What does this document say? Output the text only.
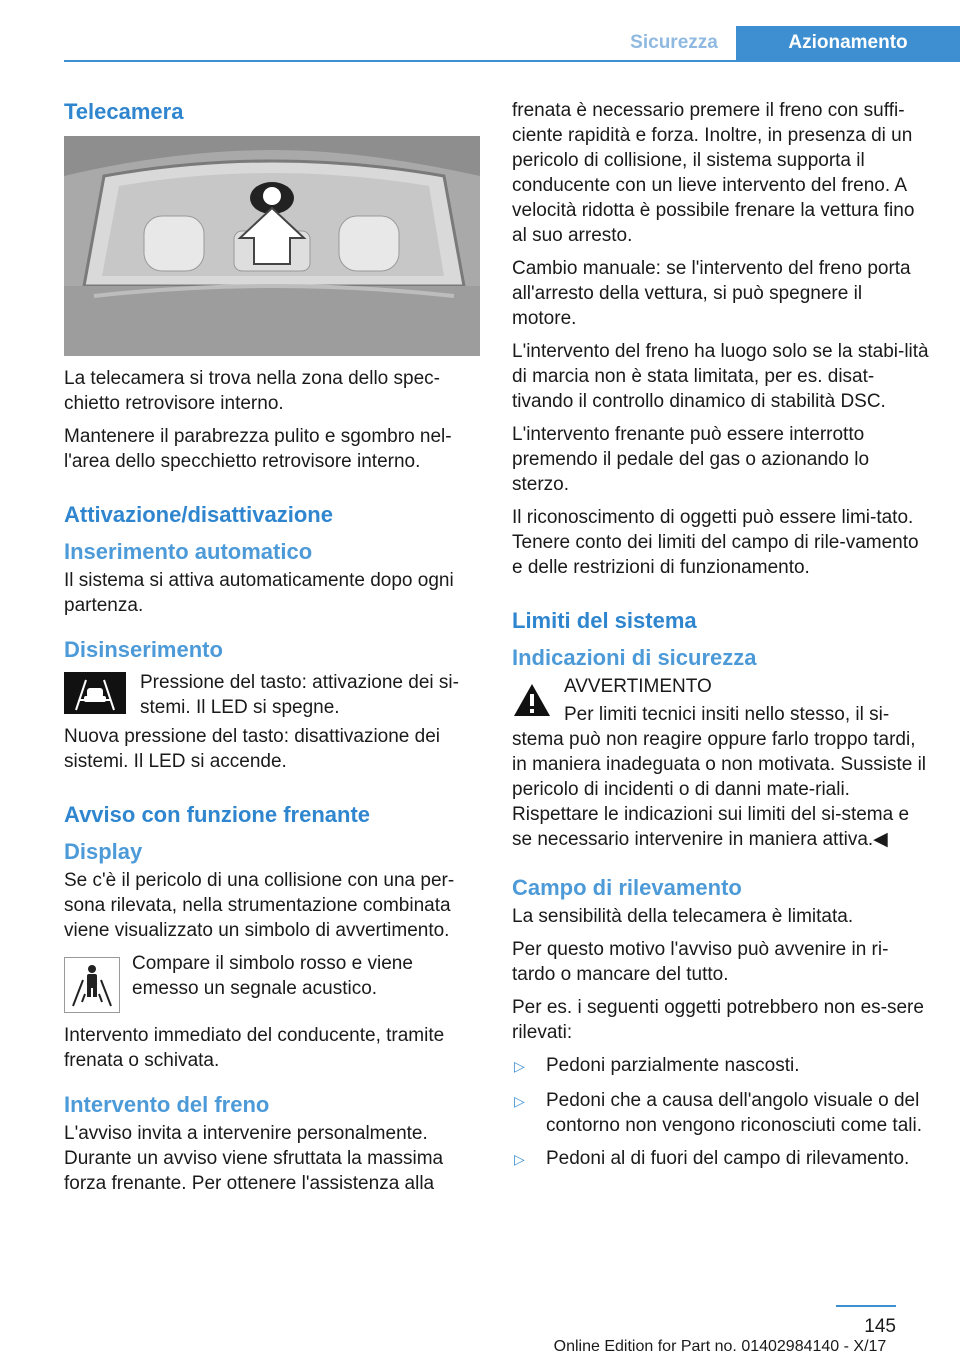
Sicurezza	Azionamento
Telecamera

La telecamera si trova nella zona dello spec-chietto retrovisore interno.

Mantenere il parabrezza pulito e sgombro nel-l'area dello specchietto retrovisore interno.

Attivazione/disattivazione
Inserimento automatico

Il sistema si attiva automaticamente dopo ogni partenza.

Disinserimento
Pressione del tasto: attivazione dei si-stemi. Il LED si spegne.

Nuova pressione del tasto: disattivazione dei sistemi. Il LED si accende.

Avviso con funzione frenante
Display

Se c'è il pericolo di una collisione con una per-sona rilevata, nella strumentazione combinata viene visualizzato un simbolo di avvertimento.

Compare il simbolo rosso e viene emesso un segnale acustico.

Intervento immediato del conducente, tramite frenata o schivata.

Intervento del freno

L'avviso invita a intervenire personalmente. Durante un avviso viene sfruttata la massima forza frenante. Per ottenere l'assistenza alla

frenata è necessario premere il freno con suffi-ciente rapidità e forza. Inoltre, in presenza di un pericolo di collisione, il sistema supporta il conducente con un lieve intervento del freno. A velocità ridotta è possibile frenare la vettura fino al suo arresto.

Cambio manuale: se l'intervento del freno porta all'arresto della vettura, si può spegnere il motore.

L'intervento del freno ha luogo solo se la stabi-lità di marcia non è stata limitata, per es. disat-tivando il controllo dinamico di stabilità DSC.

L'intervento frenante può essere interrotto premendo il pedale del gas o azionando lo sterzo.

Il riconoscimento di oggetti può essere limi-tato. Tenere conto dei limiti del campo di rile-vamento e delle restrizioni di funzionamento.

Limiti del sistema
Indicazioni di sicurezza
AVVERTIMENTO

Per limiti tecnici insiti nello stesso, il si-stema può non reagire oppure farlo troppo tardi, in maniera inadeguata o non motivata. Sussiste il pericolo di incidenti o di danni mate-riali. Rispettare le indicazioni sui limiti del si-stema e se necessario intervenire in maniera attiva.◀

Campo di rilevamento

La sensibilità della telecamera è limitata.

Per questo motivo l'avviso può avvenire in ri-tardo o mancare del tutto.

Per es. i seguenti oggetti potrebbero non es-sere rilevati:

▷	Pedoni parzialmente nascosti.
▷	Pedoni che a causa dell'angolo visuale o del contorno non vengono riconosciuti come tali.
▷	Pedoni al di fuori del campo di rilevamento.
145
Online Edition for Part no. 01402984140 - X/17
